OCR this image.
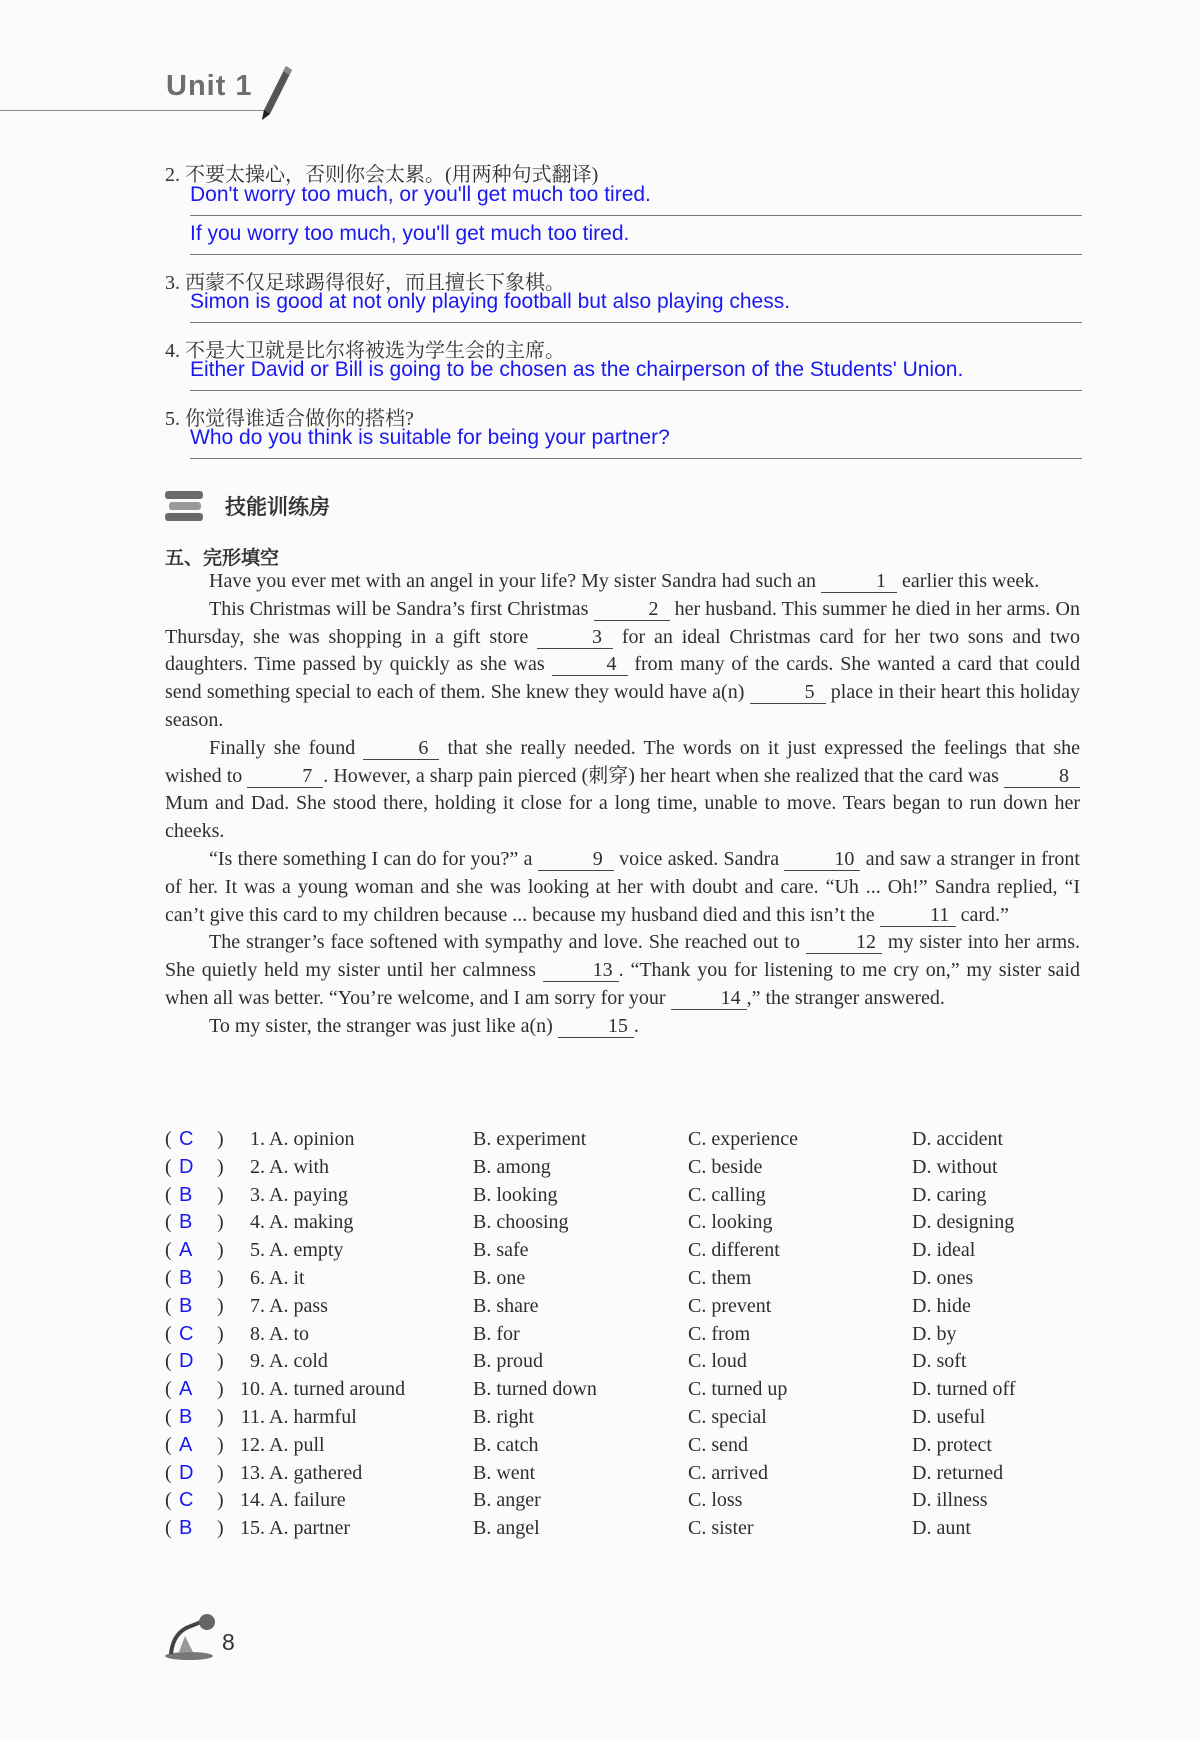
Unit 1
2. 不要太操心，否则你会太累。(用两种句式翻译)
Don't worry too much, or you'll get much too tired.
If you worry too much, you'll get much too tired.
3. 西蒙不仅足球踢得很好，而且擅长下象棋。
Simon is good at not only playing football but also playing chess.
4. 不是大卫就是比尔将被选为学生会的主席。
Either David or Bill is going to be chosen as the chairperson of the Students' Union.
5. 你觉得谁适合做你的搭档?
Who do you think is suitable for being your partner?
技能训练房
五、完形填空

Have you ever met with an angel in your life? My sister Sandra had such an	1 earlier this week.

This Christmas will be Sandra’s first Christmas	2 her husband. This summer he died in her arms. On Thursday, she was shopping in a gift store	3 for an ideal Christmas card for her two sons and two daughters. Time passed by quickly as she was	4 from many of the cards. She wanted a card that could send something special to each of them. She knew they would have a(n)	5 place in their heart this holiday season.

Finally she found	6 that she really needed. The words on it just expressed the feelings that she wished to	7 . However, a sharp pain pierced (刺穿) her heart when she realized that the card was	8 Mum and Dad. She stood there, holding it close for a long time, unable to move. Tears began to run down her cheeks.

“Is there something I can do for you?” a	9 voice asked. Sandra	10 and saw a stranger in front of her. It was a young woman and she was looking at her with doubt and care. “Uh ... Oh!” Sandra replied, “I can’t give this card to my children because ... because my husband died and this isn’t the	11 card.”

The stranger’s face softened with sympathy and love. She reached out to	12 my sister into her arms. She quietly held my sister until her calmness	13 . “Thank you for listening to me cry on,” my sister said when all was better. “You’re welcome, and I am sorry for your	14 ,” the stranger answered.

To my sister, the stranger was just like a(n)	15 .

( C )	1. A. opinion	B. experiment	C. experience	D. accident
( D )	2. A. with	B. among	C. beside	D. without
( B )	3. A. paying	B. looking	C. calling	D. caring
( B )	4. A. making	B. choosing	C. looking	D. designing
( A )	5. A. empty	B. safe	C. different	D. ideal
( B )	6. A. it	B. one	C. them	D. ones
( B )	7. A. pass	B. share	C. prevent	D. hide
( C )	8. A. to	B. for	C. from	D. by
( D )	9. A. cold	B. proud	C. loud	D. soft
( A ) 10. A. turned around	B. turned down	C. turned up	D. turned off
( B ) 11. A. harmful	B. right	C. special	D. useful
( A ) 12. A. pull	B. catch	C. send	D. protect
( D ) 13. A. gathered	B. went	C. arrived	D. returned
( C ) 14. A. failure	B. anger	C. loss	D. illness
( B ) 15. A. partner	B. angel	C. sister	D. aunt
8
